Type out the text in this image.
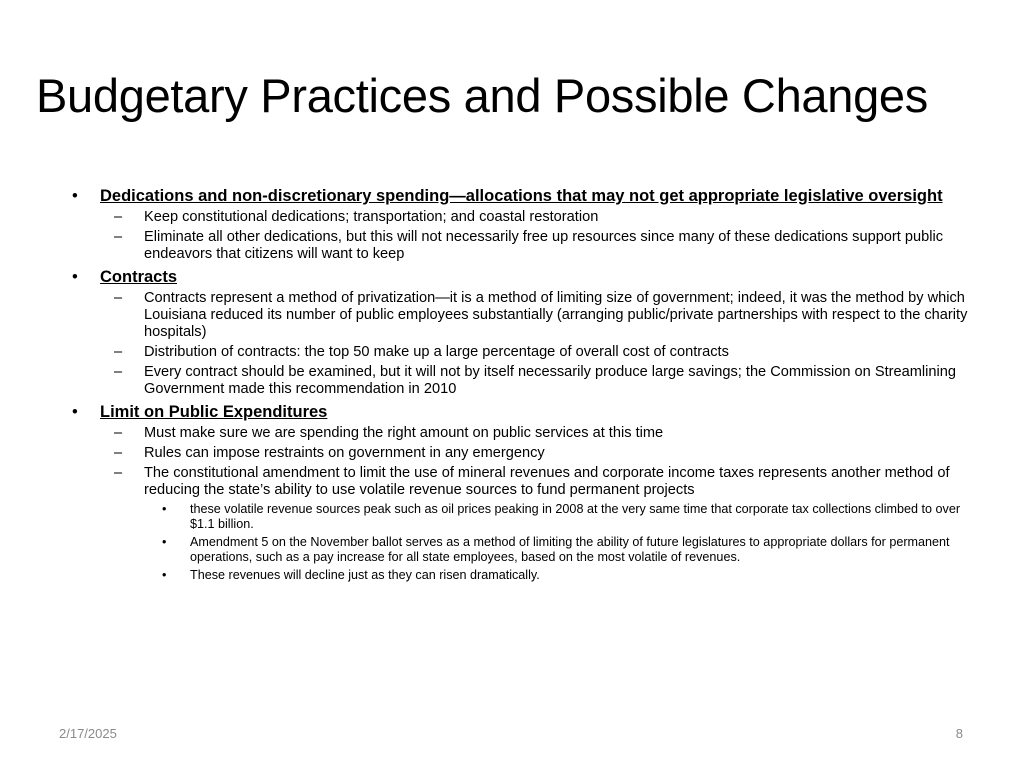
Budgetary Practices and Possible Changes
• Dedications and non-discretionary spending—allocations that may not get appropriate legislative oversight
– Keep constitutional dedications; transportation; and coastal restoration
– Eliminate all other dedications, but this will not necessarily free up resources since many of these dedications support public endeavors that citizens will want to keep
• Contracts
– Contracts represent a method of privatization—it is a method of limiting size of government; indeed, it was the method by which Louisiana reduced its number of public employees substantially (arranging public/private partnerships with respect to the charity hospitals)
– Distribution of contracts: the top 50 make up a large percentage of overall cost of contracts
– Every contract should be examined, but it will not by itself necessarily produce large savings; the Commission on Streamlining Government made this recommendation in 2010
• Limit on Public Expenditures
– Must make sure we are spending the right amount on public services at this time
– Rules can impose restraints on government in any emergency
– The constitutional amendment to limit the use of mineral revenues and corporate income taxes represents another method of reducing the state’s ability to use volatile revenue sources to fund permanent projects
• these volatile revenue sources peak such as oil prices peaking in 2008 at the very same time that corporate tax collections climbed to over $1.1 billion.
• Amendment 5 on the November ballot serves as a method of limiting the ability of future legislatures to appropriate dollars for permanent operations, such as a pay increase for all state employees, based on the most volatile of revenues.
• These revenues will decline just as they can risen dramatically.
2/17/2025	8
